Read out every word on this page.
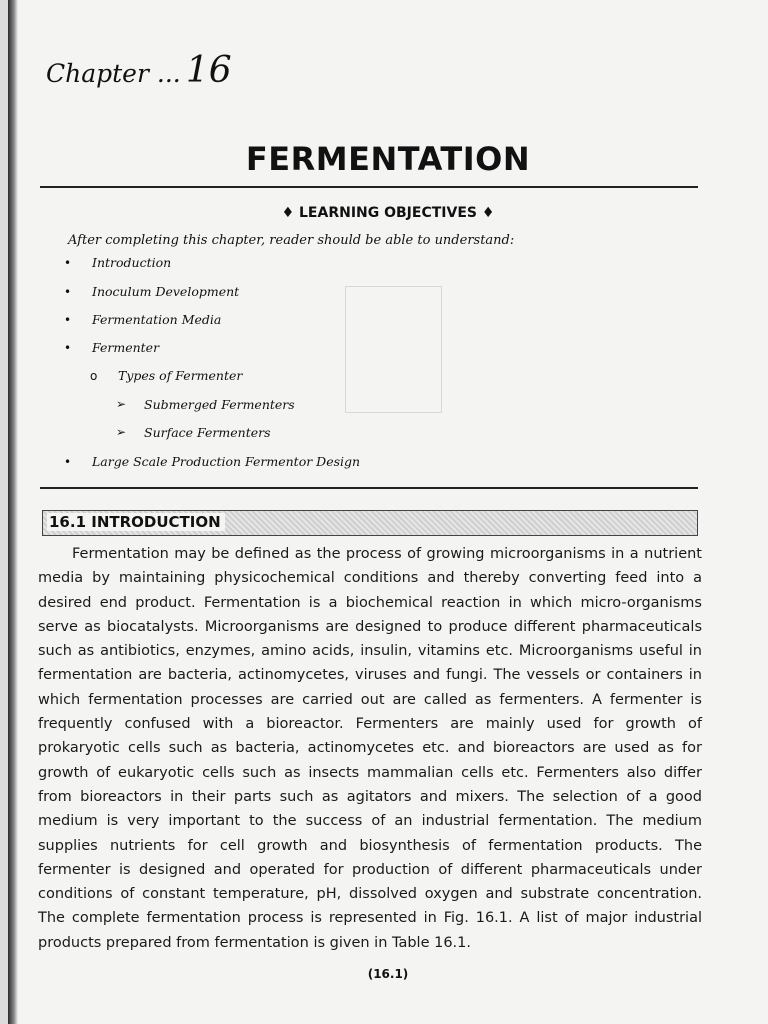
Chapter ... 16
FERMENTATION
♦ LEARNING OBJECTIVES ♦
After completing this chapter, reader should be able to understand:
• Introduction
• Inoculum Development
• Fermentation Media
• Fermenter
o Types of Fermenter
➢ Submerged Fermenters
➢ Surface Fermenters
• Large Scale Production Fermentor Design
16.1 INTRODUCTION
Fermentation may be defined as the process of growing microorganisms in a nutrient media by maintaining physicochemical conditions and thereby converting feed into a desired end product. Fermentation is a biochemical reaction in which micro-organisms serve as biocatalysts. Microorganisms are designed to produce different pharmaceuticals such as antibiotics, enzymes, amino acids, insulin, vitamins etc. Microorganisms useful in fermentation are bacteria, actinomycetes, viruses and fungi. The vessels or containers in which fermentation processes are carried out are called as fermenters. A fermenter is frequently confused with a bioreactor. Fermenters are mainly used for growth of prokaryotic cells such as bacteria, actinomycetes etc. and bioreactors are used as for growth of eukaryotic cells such as insects mammalian cells etc. Fermenters also differ from bioreactors in their parts such as agitators and mixers. The selection of a good medium is very important to the success of an industrial fermentation. The medium supplies nutrients for cell growth and biosynthesis of fermentation products. The fermenter is designed and operated for production of different pharmaceuticals under conditions of constant temperature, pH, dissolved oxygen and substrate concentration. The complete fermentation process is represented in Fig. 16.1. A list of major industrial products prepared from fermentation is given in Table 16.1.
(16.1)
